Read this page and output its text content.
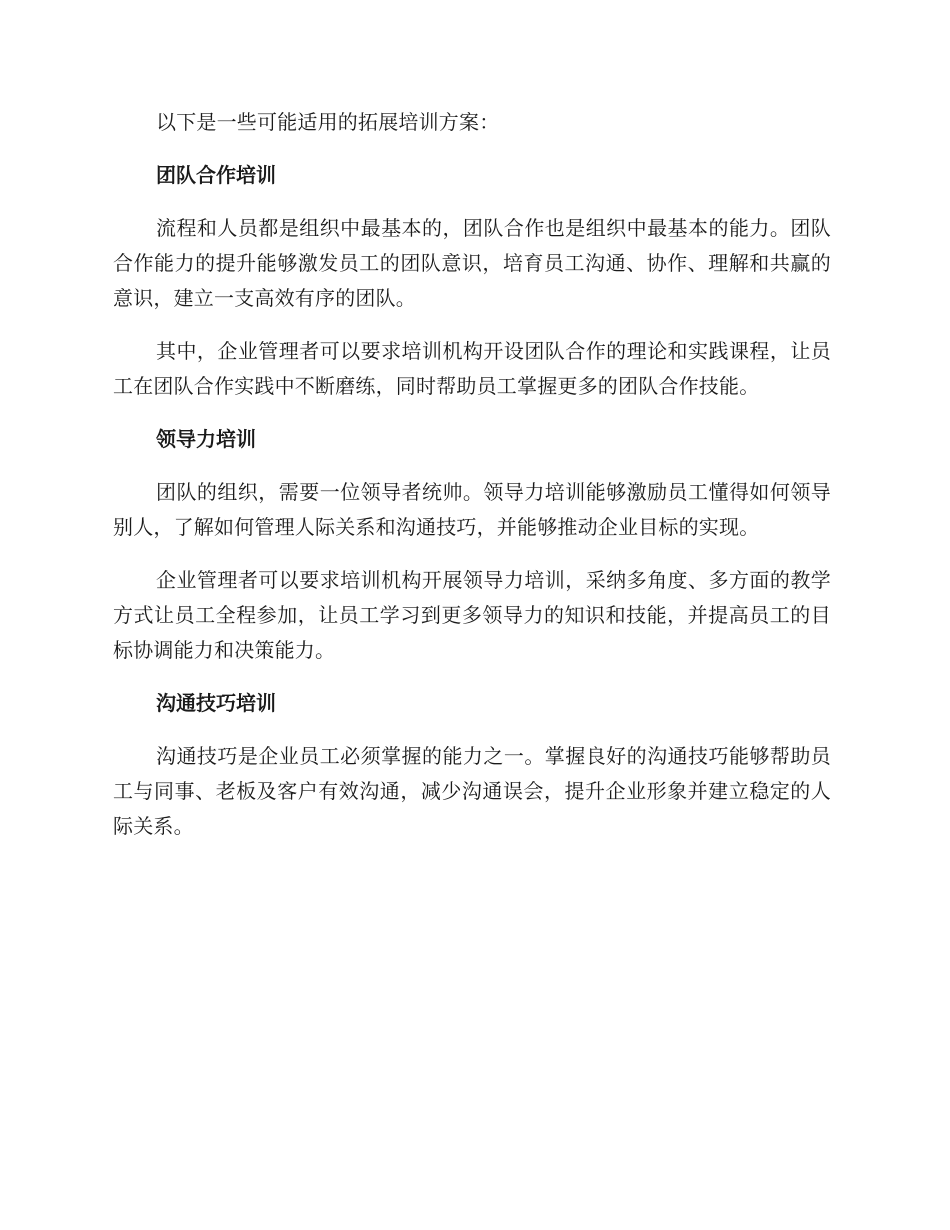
以下是一些可能适用的拓展培训方案：

团队合作培训

流程和人员都是组织中最基本的，团队合作也是组织中最基本的能力。团队合作能力的提升能够激发员工的团队意识，培育员工沟通、协作、理解和共赢的意识，建立一支高效有序的团队。

其中，企业管理者可以要求培训机构开设团队合作的理论和实践课程，让员工在团队合作实践中不断磨练，同时帮助员工掌握更多的团队合作技能。

领导力培训

团队的组织，需要一位领导者统帅。领导力培训能够激励员工懂得如何领导别人，了解如何管理人际关系和沟通技巧，并能够推动企业目标的实现。

企业管理者可以要求培训机构开展领导力培训，采纳多角度、多方面的教学方式让员工全程参加，让员工学习到更多领导力的知识和技能，并提高员工的目标协调能力和决策能力。

沟通技巧培训

沟通技巧是企业员工必须掌握的能力之一。掌握良好的沟通技巧能够帮助员工与同事、老板及客户有效沟通，减少沟通误会，提升企业形象并建立稳定的人际关系。
